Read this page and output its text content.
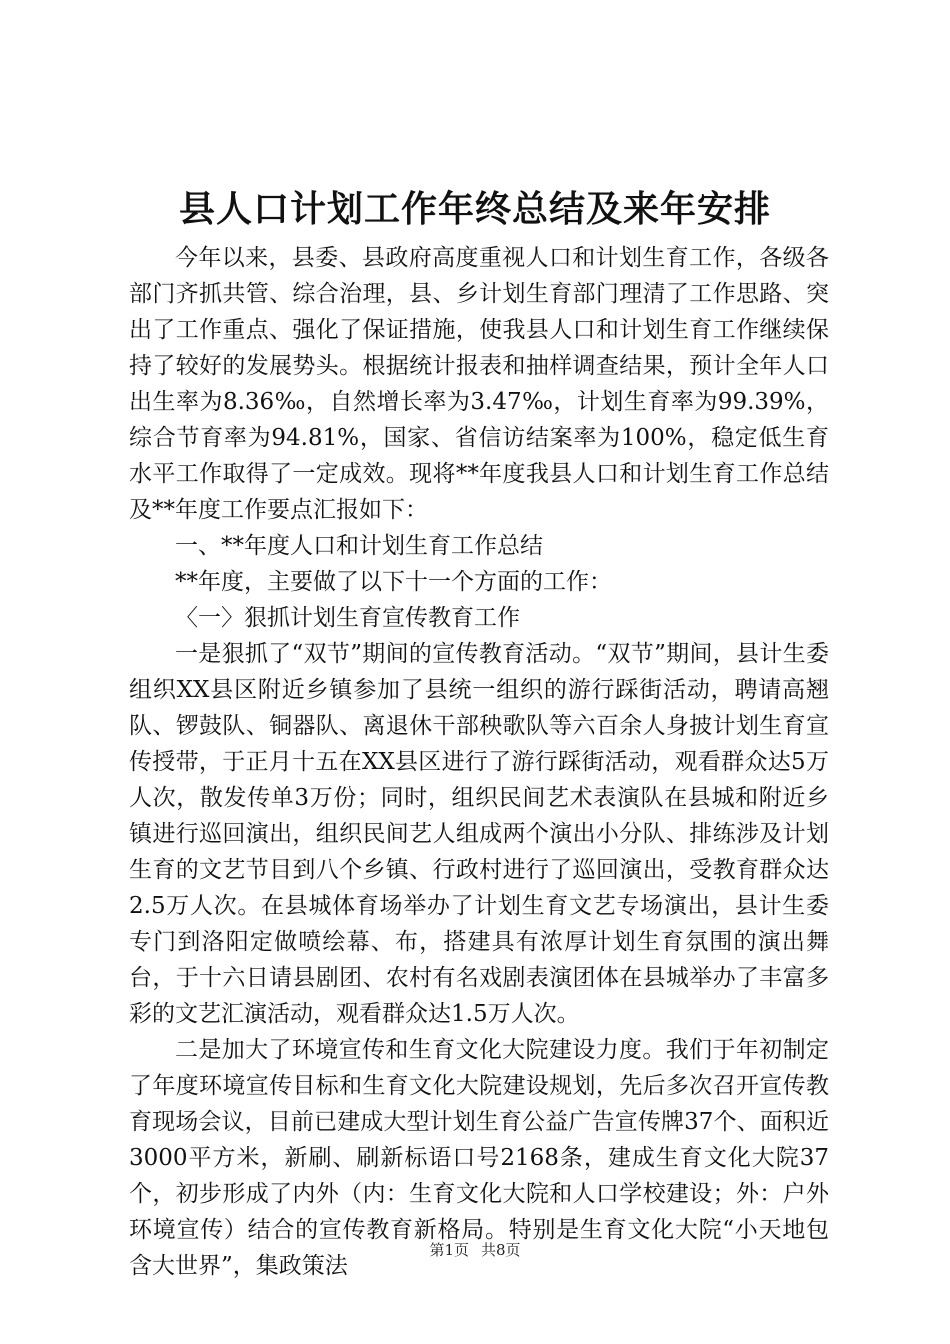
县人口计划工作年终总结及来年安排

今年以来，县委、县政府高度重视人口和计划生育工作，各级各部门齐抓共管、综合治理，县、乡计划生育部门理清了工作思路、突出了工作重点、强化了保证措施，使我县人口和计划生育工作继续保持了较好的发展势头。根据统计报表和抽样调查结果，预计全年人口出生率为8.36‰，自然增长率为3.47‰，计划生育率为99.39%，综合节育率为94.81%，国家、省信访结案率为100%，稳定低生育水平工作取得了一定成效。现将**年度我县人口和计划生育工作总结及**年度工作要点汇报如下：

一、**年度人口和计划生育工作总结

**年度，主要做了以下十一个方面的工作：

〈一〉狠抓计划生育宣传教育工作

一是狠抓了“双节”期间的宣传教育活动。“双节”期间，县计生委组织XX县区附近乡镇参加了县统一组织的游行踩街活动，聘请高翘队、锣鼓队、铜器队、离退休干部秧歌队等六百余人身披计划生育宣传授带，于正月十五在XX县区进行了游行踩街活动，观看群众达5万人次，散发传单3万份；同时，组织民间艺术表演队在县城和附近乡镇进行巡回演出，组织民间艺人组成两个演出小分队、排练涉及计划生育的文艺节目到八个乡镇、行政村进行了巡回演出，受教育群众达2.5万人次。在县城体育场举办了计划生育文艺专场演出，县计生委专门到洛阳定做喷绘幕、布，搭建具有浓厚计划生育氛围的演出舞台，于十六日请县剧团、农村有名戏剧表演团体在县城举办了丰富多彩的文艺汇演活动，观看群众达1.5万人次。

二是加大了环境宣传和生育文化大院建设力度。我们于年初制定了年度环境宣传目标和生育文化大院建设规划，先后多次召开宣传教育现场会议，目前已建成大型计划生育公益广告宣传牌37个、面积近3000平方米，新刷、刷新标语口号2168条，建成生育文化大院37个，初步形成了内外（内：生育文化大院和人口学校建设；外：户外环境宣传）结合的宣传教育新格局。特别是生育文化大院“小天地包含大世界”，集政策法

第1页 共8页
